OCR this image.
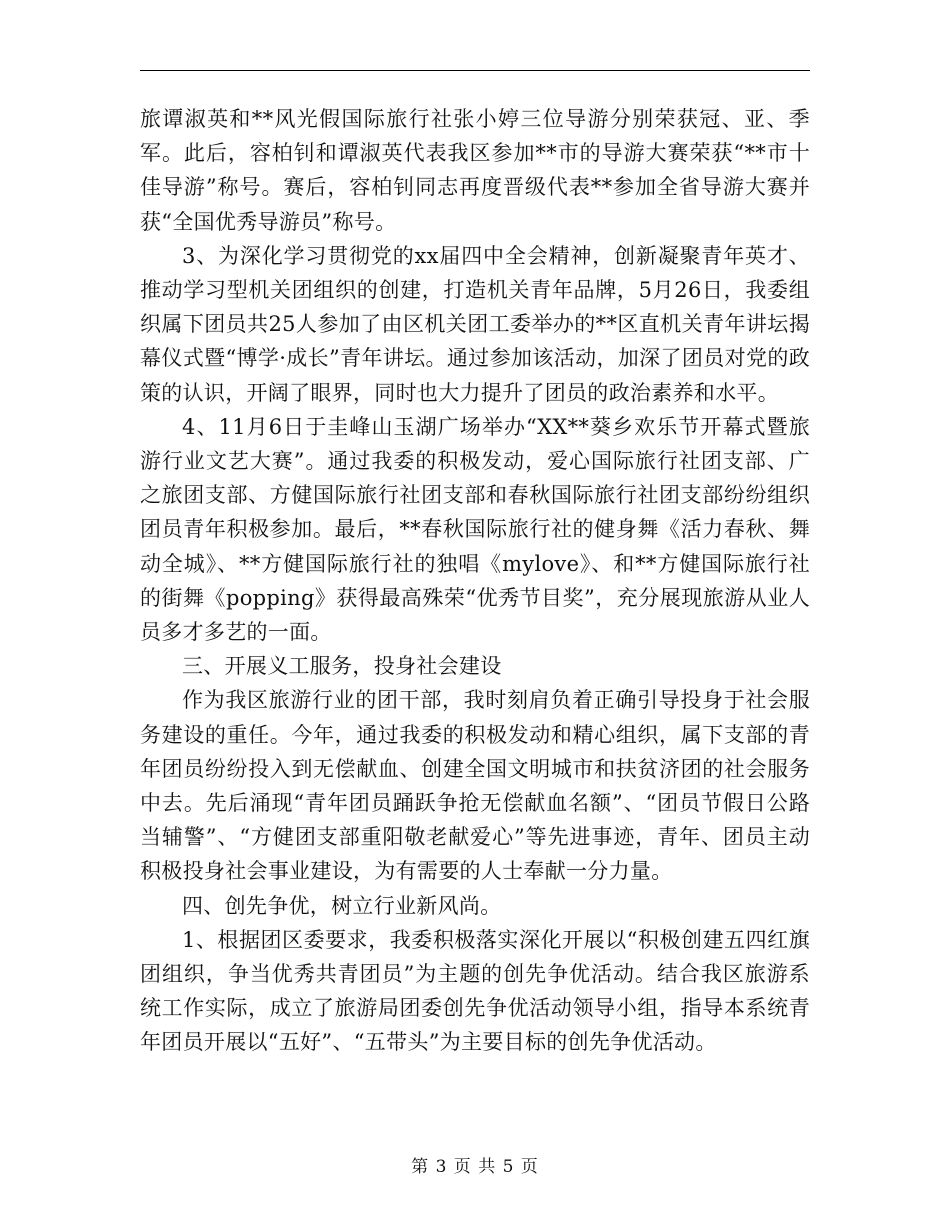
旅谭淑英和**风光假国际旅行社张小婷三位导游分别荣获冠、亚、季军。此后，容柏钊和谭淑英代表我区参加**市的导游大赛荣获“**市十佳导游”称号。赛后，容柏钊同志再度晋级代表**参加全省导游大赛并获“全国优秀导游员”称号。

3、为深化学习贯彻党的xx届四中全会精神，创新凝聚青年英才、推动学习型机关团组织的创建，打造机关青年品牌，5月26日，我委组织属下团员共25人参加了由区机关团工委举办的**区直机关青年讲坛揭幕仪式暨“博学·成长”青年讲坛。通过参加该活动，加深了团员对党的政策的认识，开阔了眼界，同时也大力提升了团员的政治素养和水平。

4、11月6日于圭峰山玉湖广场举办“XX**葵乡欢乐节开幕式暨旅游行业文艺大赛”。通过我委的积极发动，爱心国际旅行社团支部、广之旅团支部、方健国际旅行社团支部和春秋国际旅行社团支部纷纷组织团员青年积极参加。最后，**春秋国际旅行社的健身舞《活力春秋、舞动全城》、**方健国际旅行社的独唱《mylove》、和**方健国际旅行社的街舞《popping》获得最高殊荣“优秀节目奖”，充分展现旅游从业人员多才多艺的一面。

三、开展义工服务，投身社会建设

作为我区旅游行业的团干部，我时刻肩负着正确引导投身于社会服务建设的重任。今年，通过我委的积极发动和精心组织，属下支部的青年团员纷纷投入到无偿献血、创建全国文明城市和扶贫济团的社会服务中去。先后涌现“青年团员踊跃争抢无偿献血名额”、“团员节假日公路当辅警”、“方健团支部重阳敬老献爱心”等先进事迹，青年、团员主动积极投身社会事业建设，为有需要的人士奉献一分力量。

四、创先争优，树立行业新风尚。

1、根据团区委要求，我委积极落实深化开展以“积极创建五四红旗团组织，争当优秀共青团员”为主题的创先争优活动。结合我区旅游系统工作实际，成立了旅游局团委创先争优活动领导小组，指导本系统青年团员开展以“五好”、“五带头”为主要目标的创先争优活动。

第 3 页 共 5 页
